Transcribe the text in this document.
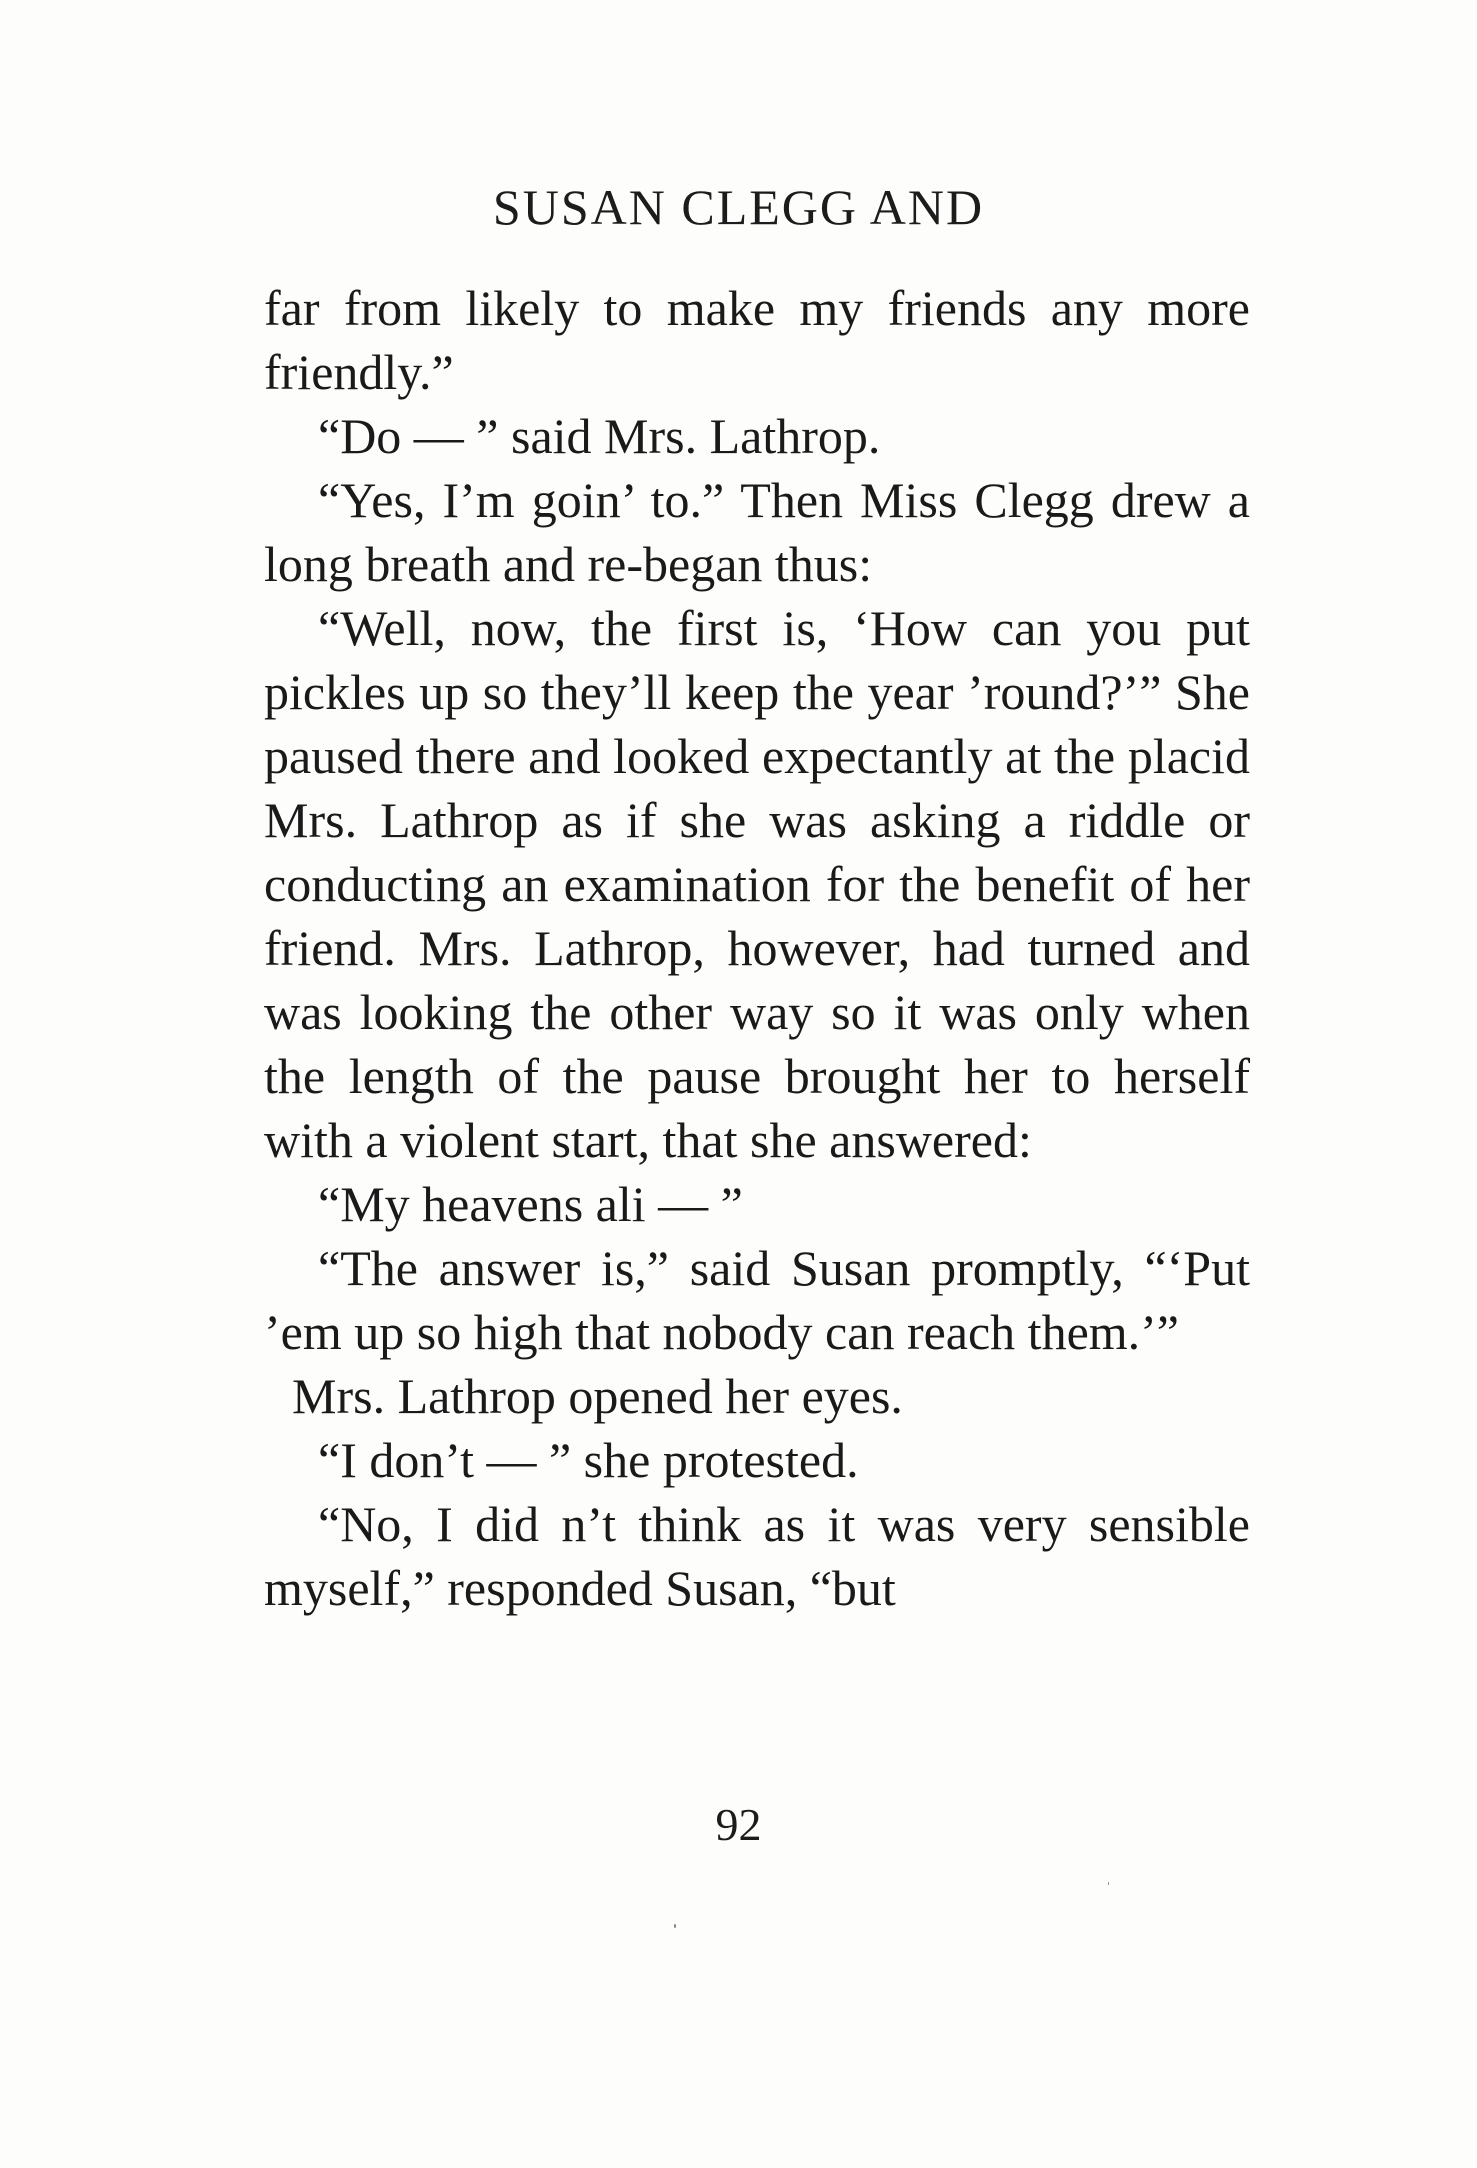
SUSAN CLEGG AND

far from likely to make my friends any more friendly.”

“Do — ” said Mrs. Lathrop.

“Yes, I’m goin’ to.” Then Miss Clegg drew a long breath and re-began thus:

“Well, now, the first is, ‘How can you put pickles up so they’ll keep the year ’round?’” She paused there and looked expectantly at the placid Mrs. Lathrop as if she was asking a riddle or conducting an examination for the benefit of her friend. Mrs. Lathrop, however, had turned and was looking the other way so it was only when the length of the pause brought her to herself with a violent start, that she answered:

“My heavens ali — ”

“The answer is,” said Susan promptly, “‘Put ’em up so high that nobody can reach them.’”

Mrs. Lathrop opened her eyes.

“I don’t — ” she protested.

“No, I did n’t think as it was very sensible myself,” responded Susan, “but

92
